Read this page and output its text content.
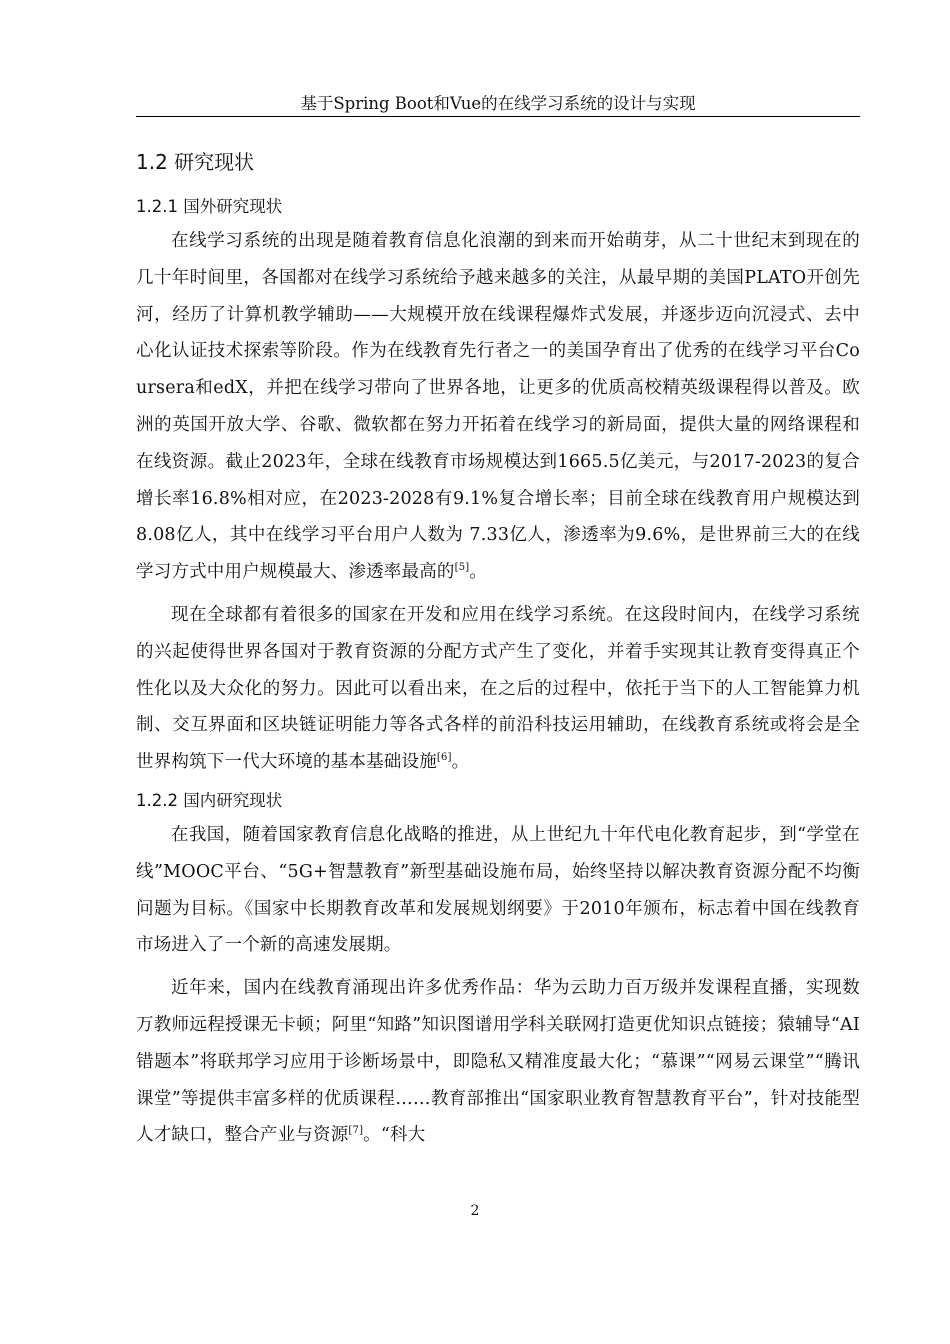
基于Spring Boot和Vue的在线学习系统的设计与实现
1.2 研究现状
1.2.1 国外研究现状

在线学习系统的出现是随着教育信息化浪潮的到来而开始萌芽，从二十世纪末到现在的几十年时间里，各国都对在线学习系统给予越来越多的关注，从最早期的美国PLATO开创先河，经历了计算机教学辅助——大规模开放在线课程爆炸式发展，并逐步迈向沉浸式、去中心化认证技术探索等阶段。作为在线教育先行者之一的美国孕育出了优秀的在线学习平台Coursera和edX，并把在线学习带向了世界各地，让更多的优质高校精英级课程得以普及。欧洲的英国开放大学、谷歌、微软都在努力开拓着在线学习的新局面，提供大量的网络课程和在线资源。截止2023年，全球在线教育市场规模达到1665.5亿美元，与2017-2023的复合增长率16.8%相对应，在2023-2028有9.1%复合增长率；目前全球在线教育用户规模达到8.08亿人，其中在线学习平台用户人数为 7.33亿人，渗透率为9.6%，是世界前三大的在线学习方式中用户规模最大、渗透率最高的[5]。

现在全球都有着很多的国家在开发和应用在线学习系统。在这段时间内，在线学习系统的兴起使得世界各国对于教育资源的分配方式产生了变化，并着手实现其让教育变得真正个性化以及大众化的努力。因此可以看出来，在之后的过程中，依托于当下的人工智能算力机制、交互界面和区块链证明能力等各式各样的前沿科技运用辅助，在线教育系统或将会是全世界构筑下一代大环境的基本基础设施[6]。

1.2.2 国内研究现状

在我国，随着国家教育信息化战略的推进，从上世纪九十年代电化教育起步，到“学堂在线”MOOC平台、“5G+智慧教育”新型基础设施布局，始终坚持以解决教育资源分配不均衡问题为目标。《国家中长期教育改革和发展规划纲要》于2010年颁布，标志着中国在线教育市场进入了一个新的高速发展期。

近年来，国内在线教育涌现出许多优秀作品：华为云助力百万级并发课程直播，实现数万教师远程授课无卡顿；阿里“知路”知识图谱用学科关联网打造更优知识点链接；猿辅导“AI错题本”将联邦学习应用于诊断场景中，即隐私又精准度最大化；“慕课”“网易云课堂”“腾讯课堂”等提供丰富多样的优质课程……教育部推出“国家职业教育智慧教育平台”，针对技能型人才缺口，整合产业与资源[7]。“科大

2
